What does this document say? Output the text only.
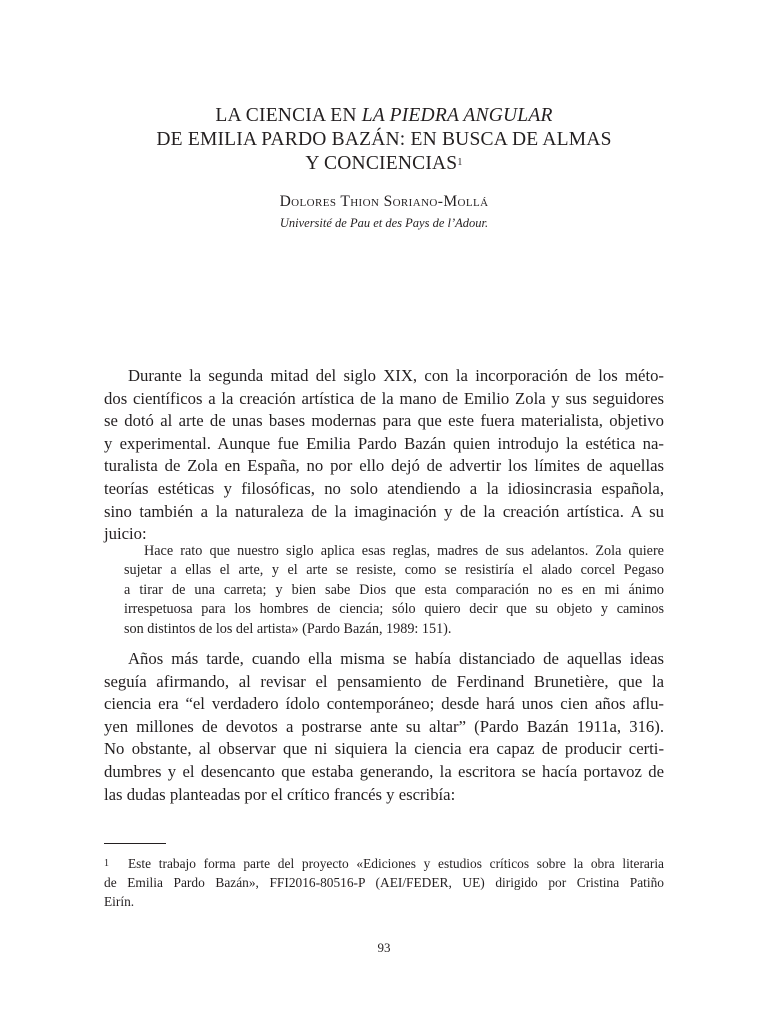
LA CIENCIA EN LA PIEDRA ANGULAR
DE EMILIA PARDO BAZÁN: EN BUSCA DE ALMAS
Y CONCIENCIAS$^1$
Dolores Thion Soriano-Mollá
Université de Pau et des Pays de l’Adour.
Durante la segunda mitad del siglo XIX, con la incorporación de los méto-
dos científicos a la creación artística de la mano de Emilio Zola y sus seguidores
se dotó al arte de unas bases modernas para que este fuera materialista, objetivo
y experimental. Aunque fue Emilia Pardo Bazán quien introdujo la estética na-
turalista de Zola en España, no por ello dejó de advertir los límites de aquellas
teorías estéticas y filosóficas, no solo atendiendo a la idiosincrasia española,
sino también a la naturaleza de la imaginación y de la creación artística. A su
juicio:
Hace rato que nuestro siglo aplica esas reglas, madres de sus adelantos. Zola quiere
sujetar a ellas el arte, y el arte se resiste, como se resistiría el alado corcel Pegaso
a tirar de una carreta; y bien sabe Dios que esta comparación no es en mi ánimo
irrespetuosa para los hombres de ciencia; sólo quiero decir que su objeto y caminos
son distintos de los del artista» (Pardo Bazán, 1989: 151).
Años más tarde, cuando ella misma se había distanciado de aquellas ideas
seguía afirmando, al revisar el pensamiento de Ferdinand Brunetière, que la
ciencia era “el verdadero ídolo contemporáneo; desde hará unos cien años aflu-
yen millones de devotos a postrarse ante su altar” (Pardo Bazán 1911a, 316).
No obstante, al observar que ni siquiera la ciencia era capaz de producir certi-
dumbres y el desencanto que estaba generando, la escritora se hacía portavoz de
las dudas planteadas por el crítico francés y escribía:
1 Este trabajo forma parte del proyecto «Ediciones y estudios críticos sobre la obra literaria
de Emilia Pardo Bazán», FFI2016-80516-P (AEI/FEDER, UE) dirigido por Cristina Patiño
Eirín.
93
